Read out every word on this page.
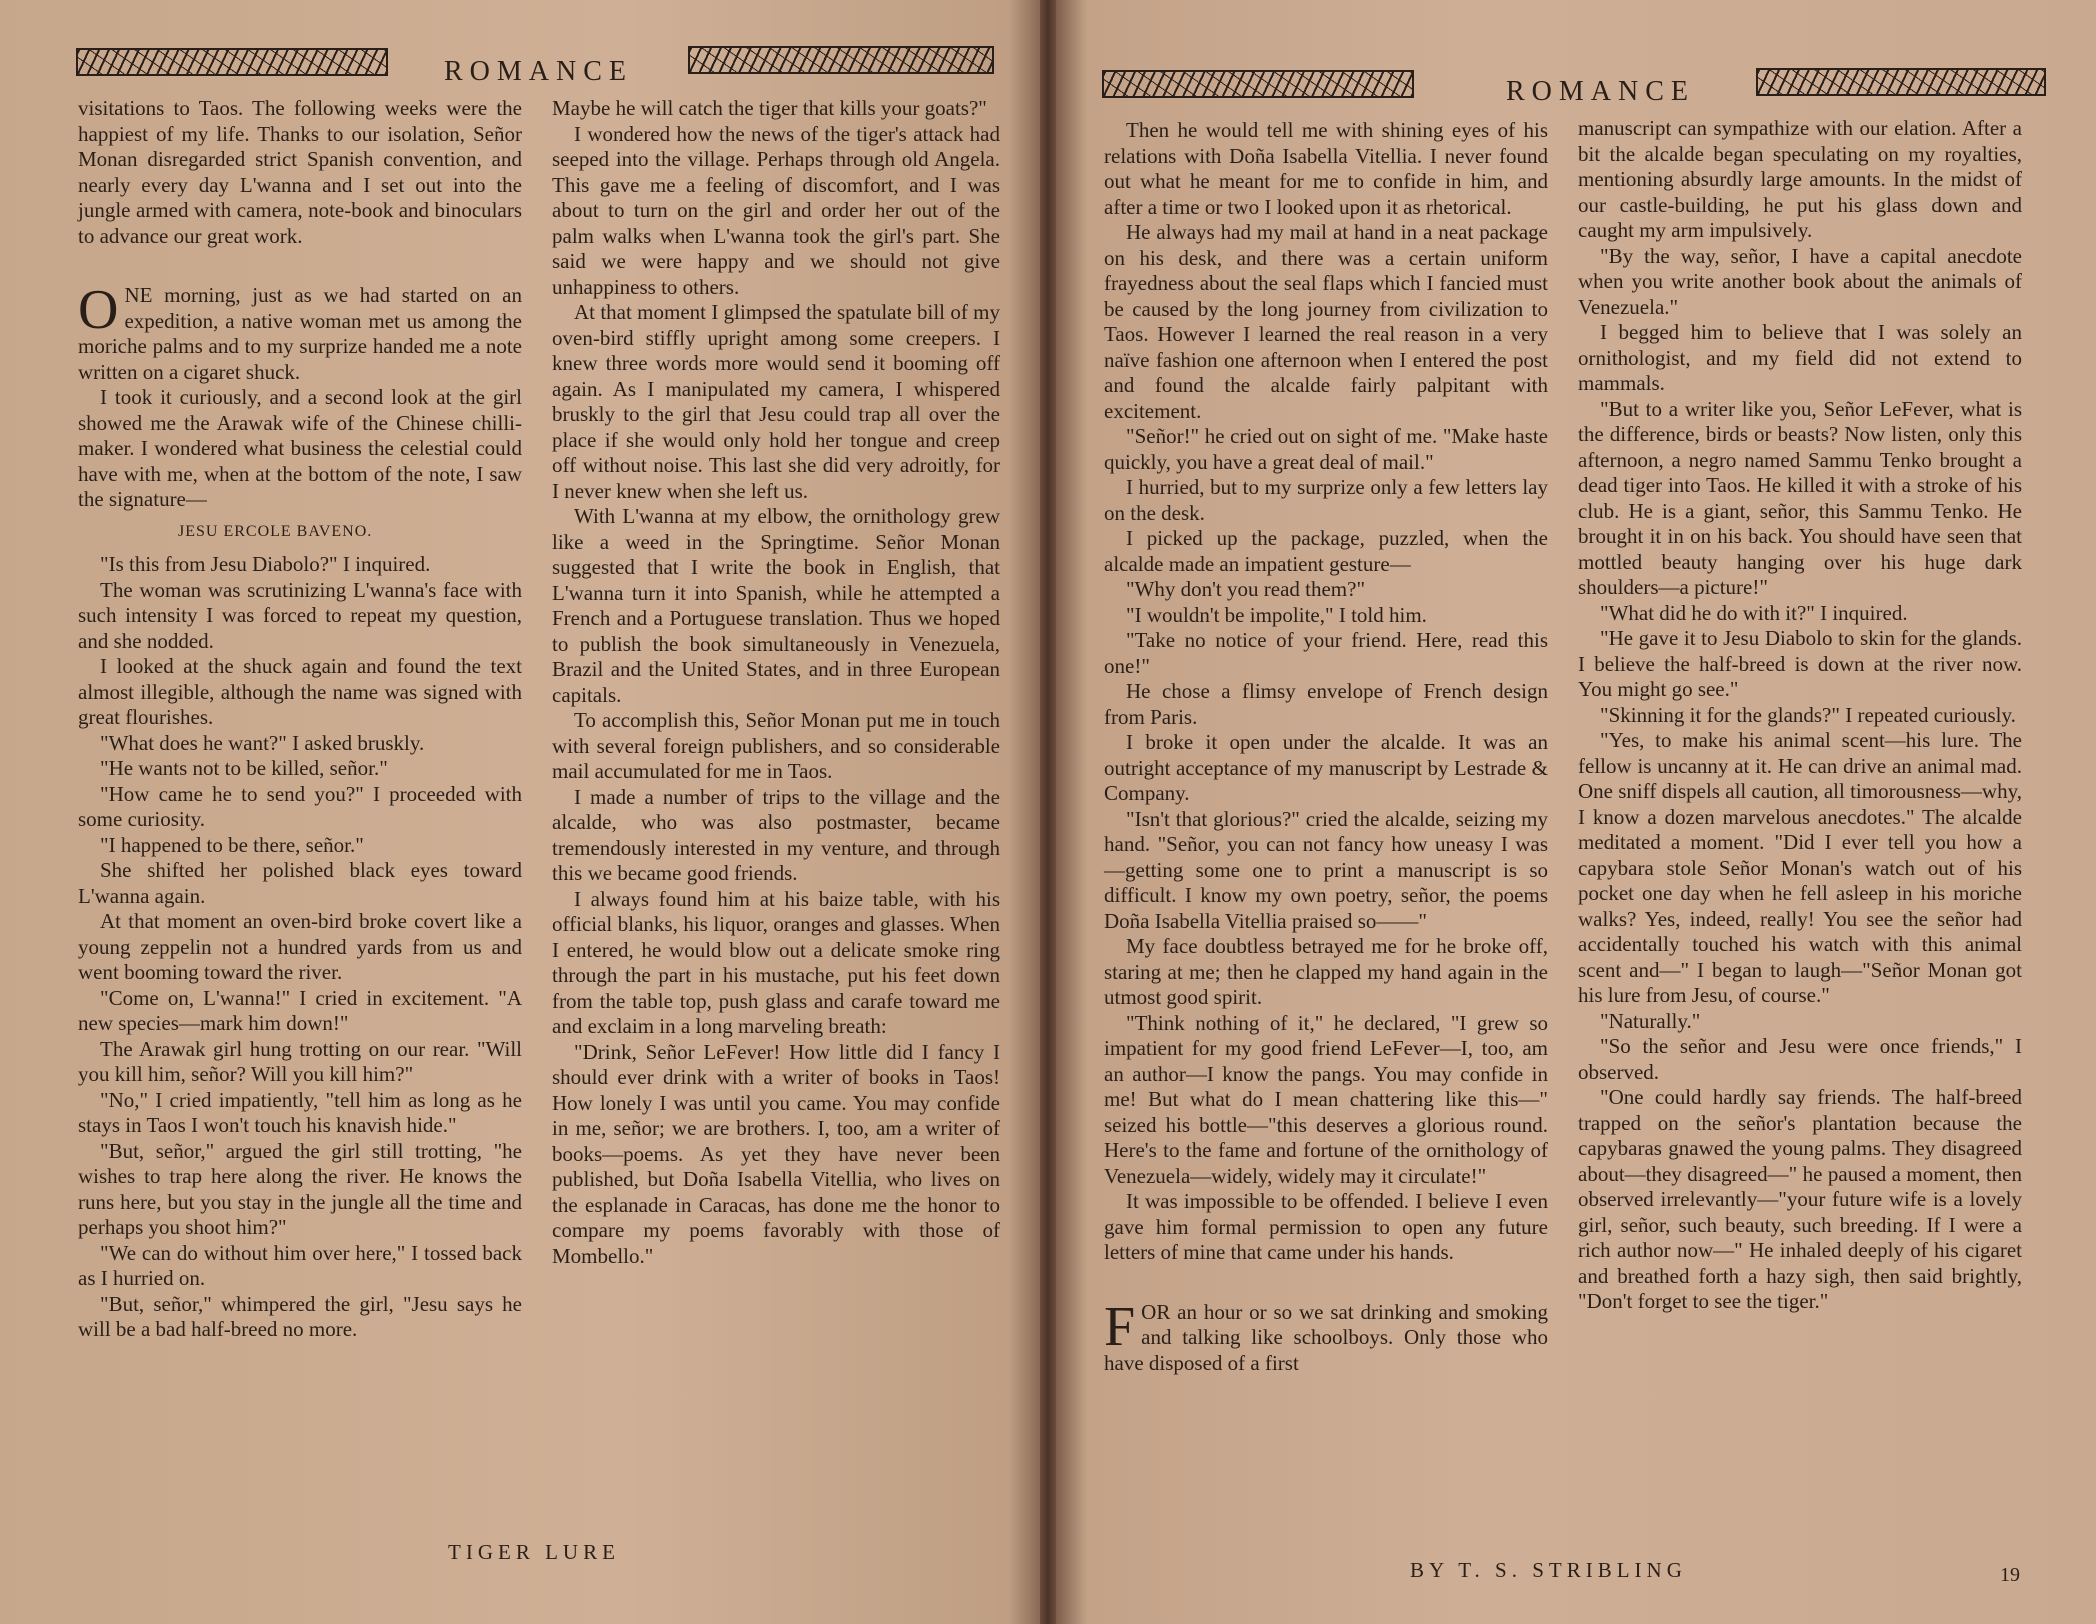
ROMANCE

visitations to Taos. The following weeks were the happiest of my life. Thanks to our isolation, Señor Monan disregarded strict Spanish convention, and nearly every day L'wanna and I set out into the jungle armed with camera, note-book and binoculars to advance our great work.

ONE morning, just as we had started on an expedition, a native woman met us among the moriche palms and to my surprize handed me a note written on a cigaret shuck.

I took it curiously, and a second look at the girl showed me the Arawak wife of the Chinese chilli-maker. I wondered what business the celestial could have with me, when at the bottom of the note, I saw the signature—

JESU ERCOLE BAVENO.

"Is this from Jesu Diabolo?" I inquired.

The woman was scrutinizing L'wanna's face with such intensity I was forced to repeat my question, and she nodded.

I looked at the shuck again and found the text almost illegible, although the name was signed with great flourishes.

"What does he want?" I asked bruskly.

"He wants not to be killed, señor."

"How came he to send you?" I proceeded with some curiosity.

"I happened to be there, señor."

She shifted her polished black eyes toward L'wanna again.

At that moment an oven-bird broke covert like a young zeppelin not a hundred yards from us and went booming toward the river.

"Come on, L'wanna!" I cried in excitement. "A new species—mark him down!"

The Arawak girl hung trotting on our rear. "Will you kill him, señor? Will you kill him?"

"No," I cried impatiently, "tell him as long as he stays in Taos I won't touch his knavish hide."

"But, señor," argued the girl still trotting, "he wishes to trap here along the river. He knows the runs here, but you stay in the jungle all the time and perhaps you shoot him?"

"We can do without him over here," I tossed back as I hurried on.

"But, señor," whimpered the girl, "Jesu says he will be a bad half-breed no more.

Maybe he will catch the tiger that kills your goats?"

I wondered how the news of the tiger's attack had seeped into the village. Perhaps through old Angela. This gave me a feeling of discomfort, and I was about to turn on the girl and order her out of the palm walks when L'wanna took the girl's part. She said we were happy and we should not give unhappiness to others.

At that moment I glimpsed the spatulate bill of my oven-bird stiffly upright among some creepers. I knew three words more would send it booming off again. As I manipulated my camera, I whispered bruskly to the girl that Jesu could trap all over the place if she would only hold her tongue and creep off without noise. This last she did very adroitly, for I never knew when she left us.

With L'wanna at my elbow, the ornithology grew like a weed in the Springtime. Señor Monan suggested that I write the book in English, that L'wanna turn it into Spanish, while he attempted a French and a Portuguese translation. Thus we hoped to publish the book simultaneously in Venezuela, Brazil and the United States, and in three European capitals.

To accomplish this, Señor Monan put me in touch with several foreign publishers, and so considerable mail accumulated for me in Taos.

I made a number of trips to the village and the alcalde, who was also postmaster, became tremendously interested in my venture, and through this we became good friends.

I always found him at his baize table, with his official blanks, his liquor, oranges and glasses. When I entered, he would blow out a delicate smoke ring through the part in his mustache, put his feet down from the table top, push glass and carafe toward me and exclaim in a long marveling breath:

"Drink, Señor LeFever! How little did I fancy I should ever drink with a writer of books in Taos! How lonely I was until you came. You may confide in me, señor; we are brothers. I, too, am a writer of books—poems. As yet they have never been published, but Doña Isabella Vitellia, who lives on the esplanade in Caracas, has done me the honor to compare my poems favorably with those of Mombello."

TIGER LURE
ROMANCE

Then he would tell me with shining eyes of his relations with Doña Isabella Vitellia. I never found out what he meant for me to confide in him, and after a time or two I looked upon it as rhetorical.

He always had my mail at hand in a neat package on his desk, and there was a certain uniform frayedness about the seal flaps which I fancied must be caused by the long journey from civilization to Taos. However I learned the real reason in a very naïve fashion one afternoon when I entered the post and found the alcalde fairly palpitant with excitement.

"Señor!" he cried out on sight of me. "Make haste quickly, you have a great deal of mail."

I hurried, but to my surprize only a few letters lay on the desk.

I picked up the package, puzzled, when the alcalde made an impatient gesture—

"Why don't you read them?"

"I wouldn't be impolite," I told him.

"Take no notice of your friend. Here, read this one!"

He chose a flimsy envelope of French design from Paris.

I broke it open under the alcalde. It was an outright acceptance of my manuscript by Lestrade & Company.

"Isn't that glorious?" cried the alcalde, seizing my hand. "Señor, you can not fancy how uneasy I was—getting some one to print a manuscript is so difficult. I know my own poetry, señor, the poems Doña Isabella Vitellia praised so——"

My face doubtless betrayed me for he broke off, staring at me; then he clapped my hand again in the utmost good spirit.

"Think nothing of it," he declared, "I grew so impatient for my good friend LeFever—I, too, am an author—I know the pangs. You may confide in me! But what do I mean chattering like this—" seized his bottle—"this deserves a glorious round. Here's to the fame and fortune of the ornithology of Venezuela—widely, widely may it circulate!"

It was impossible to be offended. I believe I even gave him formal permission to open any future letters of mine that came under his hands.

FOR an hour or so we sat drinking and smoking and talking like schoolboys. Only those who have disposed of a first

manuscript can sympathize with our elation. After a bit the alcalde began speculating on my royalties, mentioning absurdly large amounts. In the midst of our castle-building, he put his glass down and caught my arm impulsively.

"By the way, señor, I have a capital anecdote when you write another book about the animals of Venezuela."

I begged him to believe that I was solely an ornithologist, and my field did not extend to mammals.

"But to a writer like you, Señor LeFever, what is the difference, birds or beasts? Now listen, only this afternoon, a negro named Sammu Tenko brought a dead tiger into Taos. He killed it with a stroke of his club. He is a giant, señor, this Sammu Tenko. He brought it in on his back. You should have seen that mottled beauty hanging over his huge dark shoulders—a picture!"

"What did he do with it?" I inquired.

"He gave it to Jesu Diabolo to skin for the glands. I believe the half-breed is down at the river now. You might go see."

"Skinning it for the glands?" I repeated curiously.

"Yes, to make his animal scent—his lure. The fellow is uncanny at it. He can drive an animal mad. One sniff dispels all caution, all timorousness—why, I know a dozen marvelous anecdotes." The alcalde meditated a moment. "Did I ever tell you how a capybara stole Señor Monan's watch out of his pocket one day when he fell asleep in his moriche walks? Yes, indeed, really! You see the señor had accidentally touched his watch with this animal scent and—" I began to laugh—"Señor Monan got his lure from Jesu, of course."

"Naturally."

"So the señor and Jesu were once friends," I observed.

"One could hardly say friends. The half-breed trapped on the señor's plantation because the capybaras gnawed the young palms. They disagreed about—they disagreed—" he paused a moment, then observed irrelevantly—"your future wife is a lovely girl, señor, such beauty, such breeding. If I were a rich author now—" He inhaled deeply of his cigaret and breathed forth a hazy sigh, then said brightly, "Don't forget to see the tiger."

BY T. S. STRIBLING	19
